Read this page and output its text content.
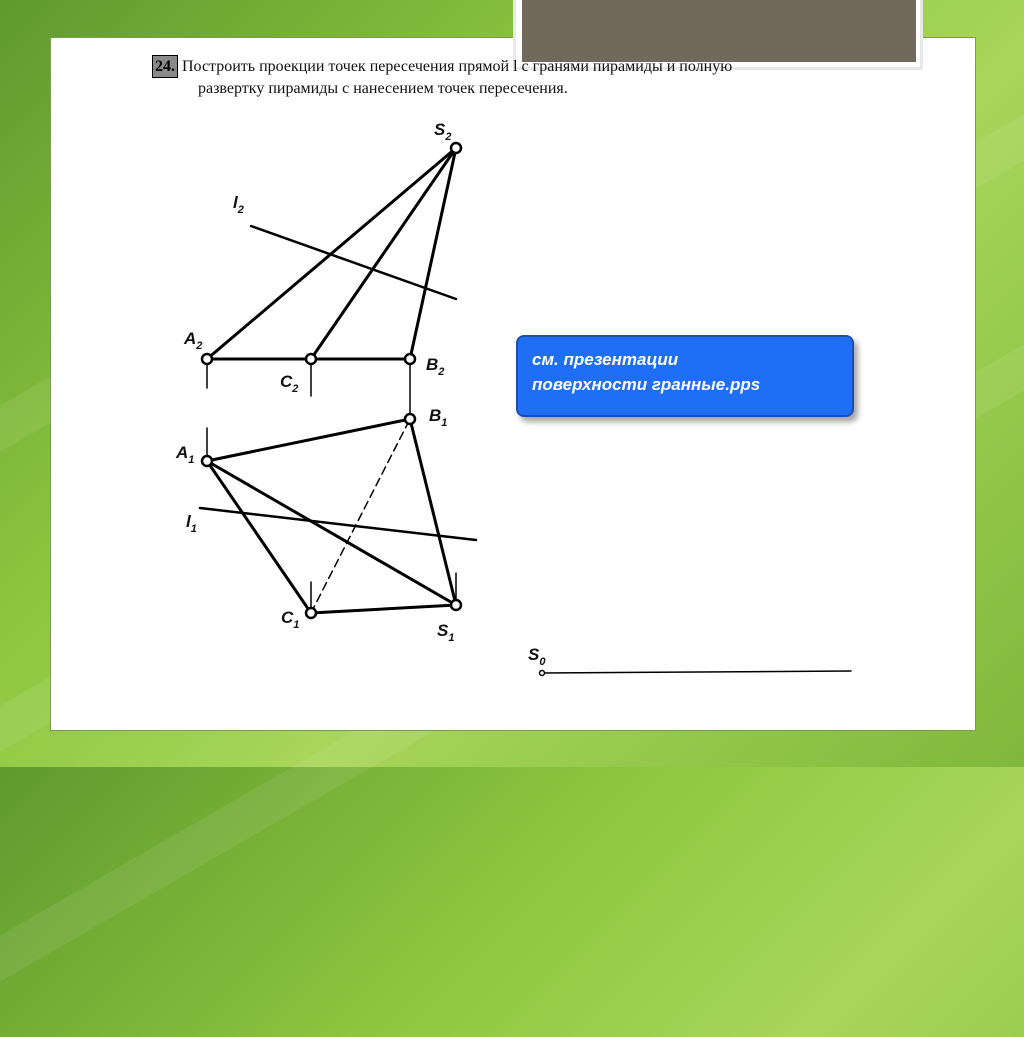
24. Построить проекции точек пересечения прямой l с гранями пирамиды и полную
развертку пирамиды с нанесением точек пересечения.
$S_2$
$l_2$
$A_2$
$B_2$
$C_2$
$B_1$
$A_1$
$l_1$
$C_1$	$S_1$
$S_0$
см. презентации
поверхности гранные.pps
